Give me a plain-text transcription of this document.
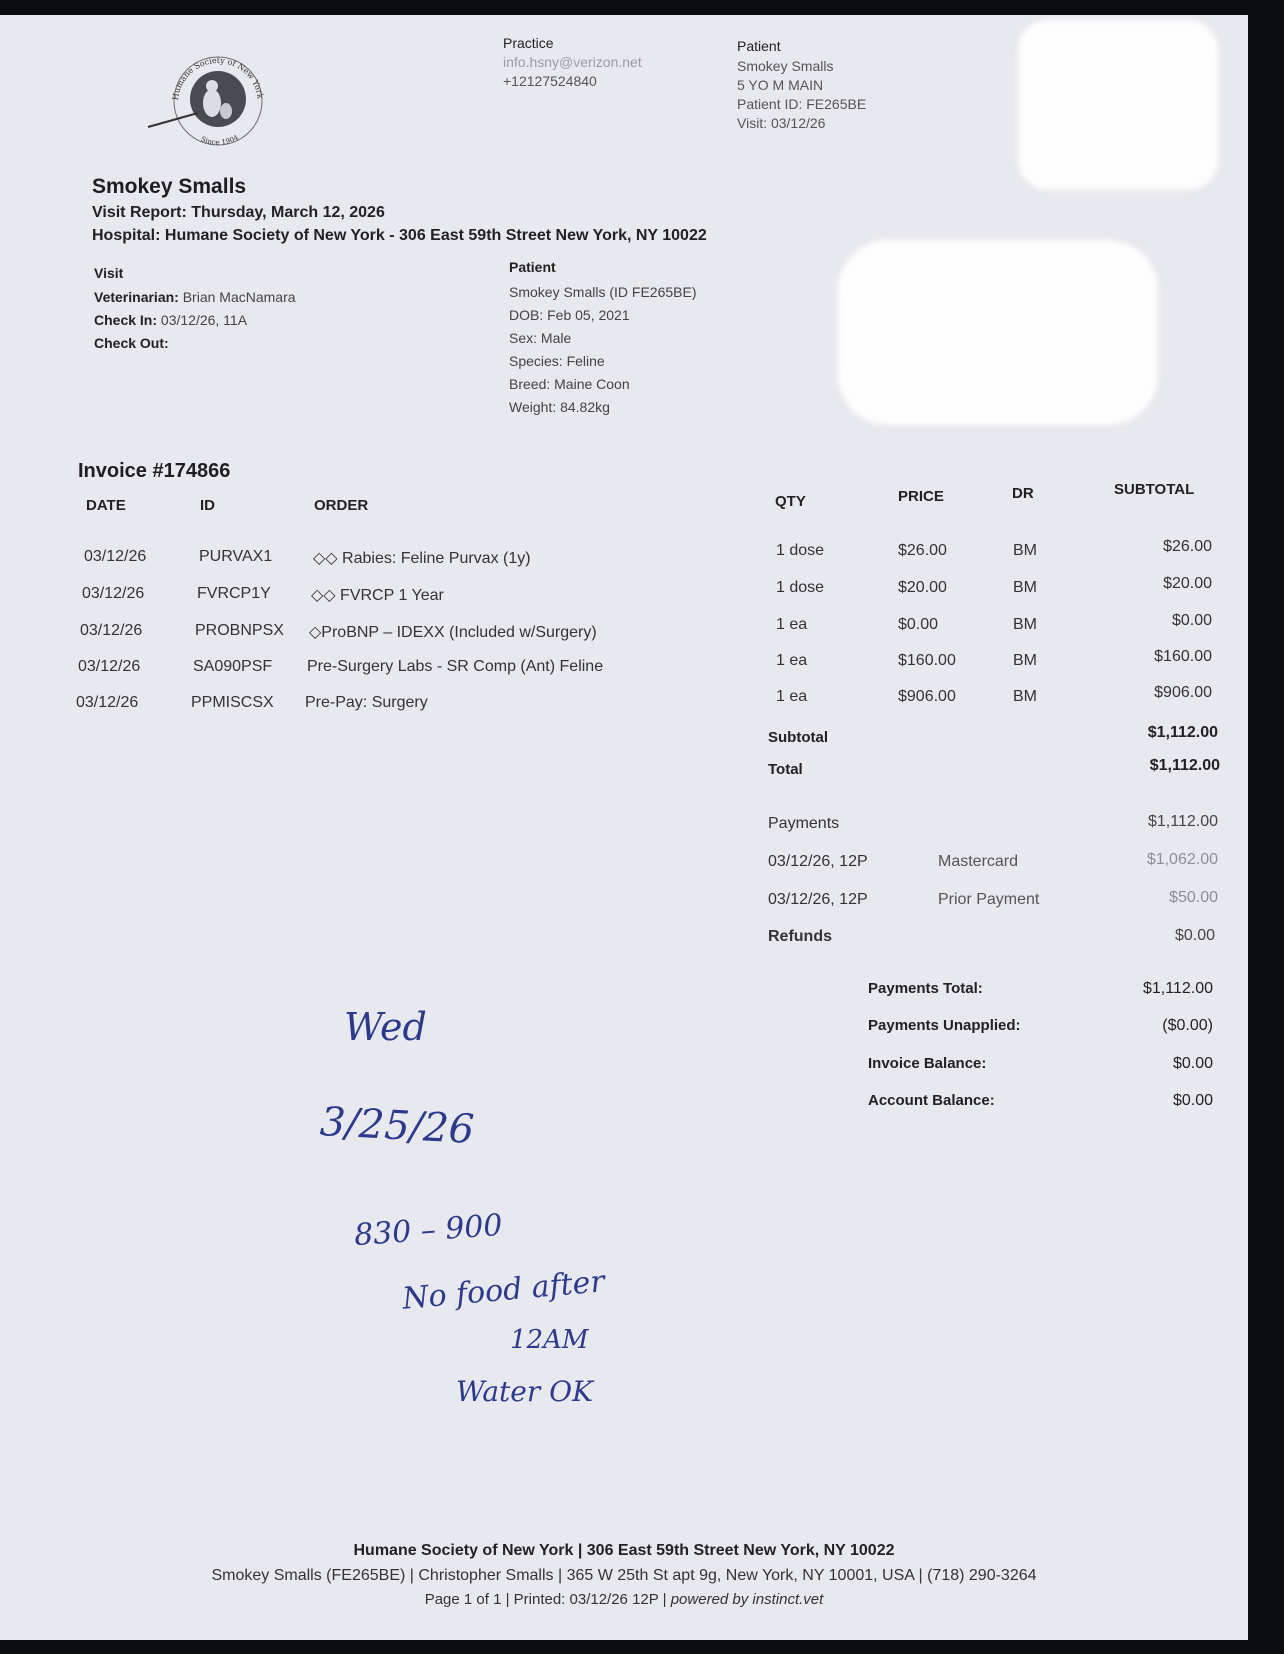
Humane Society of New York
Since 1904
Practice
info.hsny@verizon.net
+12127524840
Patient
Smokey Smalls
5 YO M MAIN
Patient ID: FE265BE
Visit: 03/12/26
Smokey Smalls
Visit Report: Thursday, March 12, 2026
Hospital: Humane Society of New York - 306 East 59th Street New York, NY 10022
Visit
Veterinarian: Brian MacNamara
Check In: 03/12/26, 11A
Check Out:
Patient
Smokey Smalls (ID FE265BE)
DOB: Feb 05, 2021
Sex: Male
Species: Feline
Breed: Maine Coon
Weight: 84.82kg
Invoice #174866
DATE	ID	ORDER	QTY	PRICE	DR	SUBTOTAL
03/12/26	PURVAX1	◇◇ Rabies: Feline Purvax (1y)	1 dose	$26.00	BM	$26.00
03/12/26	FVRCP1Y	◇◇ FVRCP 1 Year	1 dose	$20.00	BM	$20.00
03/12/26	PROBNPSX ◇ProBNP – IDEXX (Included w/Surgery)	1 ea	$0.00	BM	$0.00
03/12/26	SA090PSF Pre-Surgery Labs - SR Comp (Ant) Feline	1 ea	$160.00	BM	$160.00
03/12/26	PPMISCSX Pre-Pay: Surgery	1 ea	$906.00	BM	$906.00
Subtotal	$1,112.00
Total	$1,112.00
Payments	$1,112.00
03/12/26, 12P	Mastercard	$1,062.00
03/12/26, 12P	Prior Payment	$50.00
Refunds	$0.00
Payments Total:	$1,112.00
Payments Unapplied:	($0.00)
Invoice Balance:	$0.00
Account Balance:	$0.00
Wed
3/25/26
830 – 900
No food after
12AM
Water OK
Humane Society of New York | 306 East 59th Street New York, NY 10022
Smokey Smalls (FE265BE) | Christopher Smalls | 365 W 25th St apt 9g, New York, NY 10001, USA | (718) 290-3264
Page 1 of 1 | Printed: 03/12/26 12P | powered by instinct.vet
